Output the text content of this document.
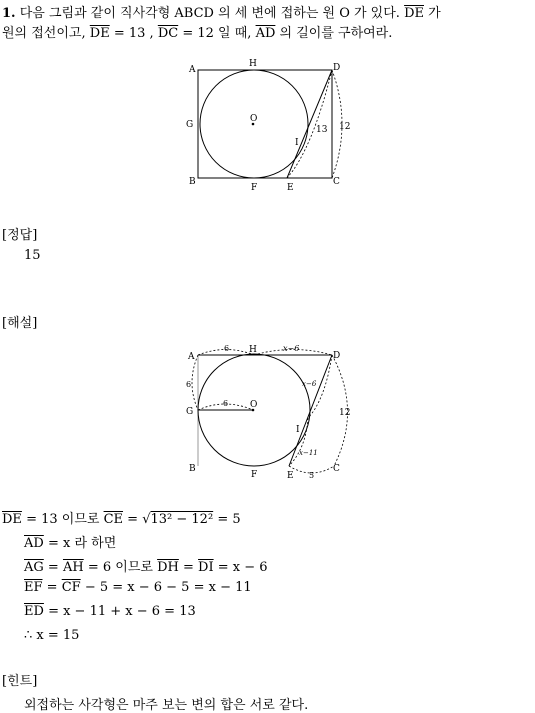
1. 다음 그림과 같이 직사각형 ABCD 의 세 변에 접하는 원 O 가 있다. $\overline{DE}$ 가
원의 접선이고, $\overline{DE} = 13$ , $\overline{DC} = 12$ 일 때, $\overline{AD}$ 의 길이를 구하여라.
A
H	D
O
G
I
B
F	E
C
13 12
[정답]
15
[해설]
A
H
D
O
G
I
B
F	E
C
6	x−6
6
6
x−6
x−11
5
12
$\overline{DE} = 13$ 이므로 $\overline{CE} = √13^2 - 12^2 = 5$
$\overline{AD} = x$ 라 하면
$\overline{AG} = \overline{AH} = 6$ 이므로 $\overline{DH} = \overline{DI} = x - 6$
$\overline{EF} = \overline{CF} - 5 = x - 6 - 5 = x - 11$
$\overline{ED} = x - 11 + x - 6 = 13$
∴ x = 15
[힌트]
외접하는 사각형은 마주 보는 변의 합은 서로 같다.
